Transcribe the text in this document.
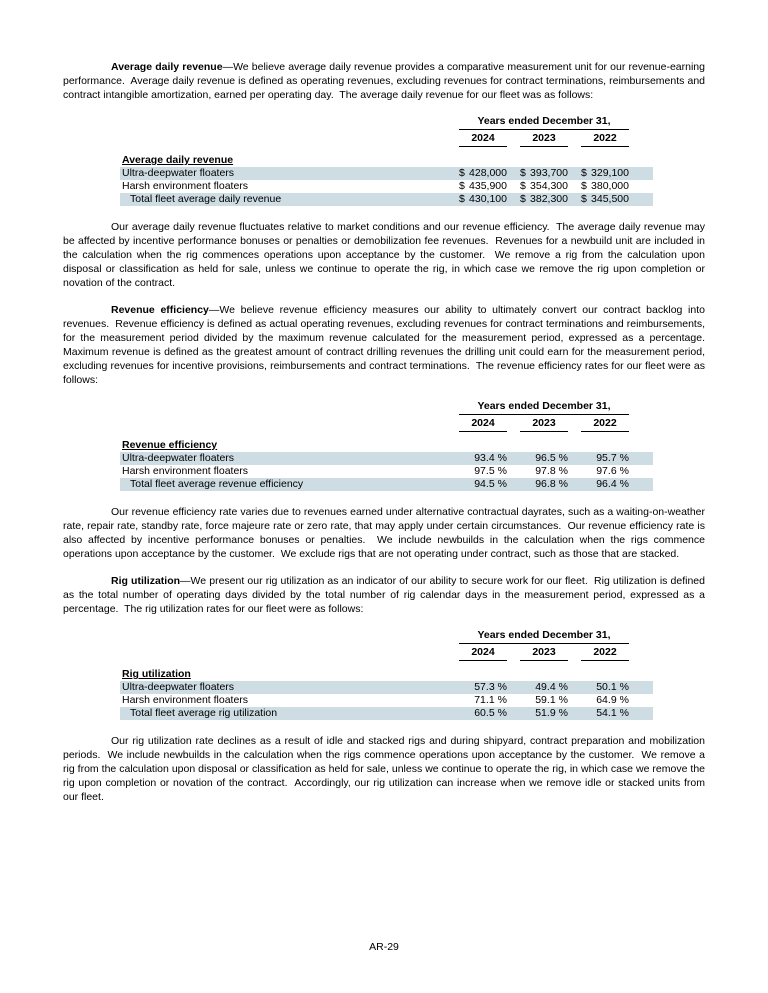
Average daily revenue—We believe average daily revenue provides a comparative measurement unit for our revenue-earning performance.  Average daily revenue is defined as operating revenues, excluding revenues for contract terminations, reimbursements and contract intangible amortization, earned per operating day.  The average daily revenue for our fleet was as follows:

Years ended December 31,
2024	2023	2022
Average daily revenue
Ultra-deepwater floaters	$ 428,000 $ 393,700 $ 329,100
Harsh environment floaters	$ 435,900 $ 354,300 $ 380,000
Total fleet average daily revenue	$ 430,100 $ 382,300 $ 345,500

Our average daily revenue fluctuates relative to market conditions and our revenue efficiency.  The average daily revenue may be affected by incentive performance bonuses or penalties or demobilization fee revenues.  Revenues for a newbuild unit are included in the calculation when the rig commences operations upon acceptance by the customer.  We remove a rig from the calculation upon disposal or classification as held for sale, unless we continue to operate the rig, in which case we remove the rig upon completion or novation of the contract.

Revenue efficiency—We believe revenue efficiency measures our ability to ultimately convert our contract backlog into revenues.  Revenue efficiency is defined as actual operating revenues, excluding revenues for contract terminations and reimbursements, for the measurement period divided by the maximum revenue calculated for the measurement period, expressed as a percentage.  Maximum revenue is defined as the greatest amount of contract drilling revenues the drilling unit could earn for the measurement period, excluding revenues for incentive provisions, reimbursements and contract terminations.  The revenue efficiency rates for our fleet were as follows:

Years ended December 31,
2024	2023	2022
Revenue efficiency
Ultra-deepwater floaters	93.4 %	96.5 %	95.7 %
Harsh environment floaters	97.5 %	97.8 %	97.6 %
Total fleet average revenue efficiency	94.5 %	96.8 %	96.4 %

Our revenue efficiency rate varies due to revenues earned under alternative contractual dayrates, such as a waiting-on-weather rate, repair rate, standby rate, force majeure rate or zero rate, that may apply under certain circumstances.  Our revenue efficiency rate is also affected by incentive performance bonuses or penalties.  We include newbuilds in the calculation when the rigs commence operations upon acceptance by the customer.  We exclude rigs that are not operating under contract, such as those that are stacked.

Rig utilization—We present our rig utilization as an indicator of our ability to secure work for our fleet.  Rig utilization is defined as the total number of operating days divided by the total number of rig calendar days in the measurement period, expressed as a percentage.  The rig utilization rates for our fleet were as follows:

Years ended December 31,
2024	2023	2022
Rig utilization
Ultra-deepwater floaters	57.3 %	49.4 %	50.1 %
Harsh environment floaters	71.1 %	59.1 %	64.9 %
Total fleet average rig utilization	60.5 %	51.9 %	54.1 %

Our rig utilization rate declines as a result of idle and stacked rigs and during shipyard, contract preparation and mobilization periods.  We include newbuilds in the calculation when the rigs commence operations upon acceptance by the customer.  We remove a rig from the calculation upon disposal or classification as held for sale, unless we continue to operate the rig, in which case we remove the rig upon completion or novation of the contract.  Accordingly, our rig utilization can increase when we remove idle or stacked units from our fleet.

AR-29
